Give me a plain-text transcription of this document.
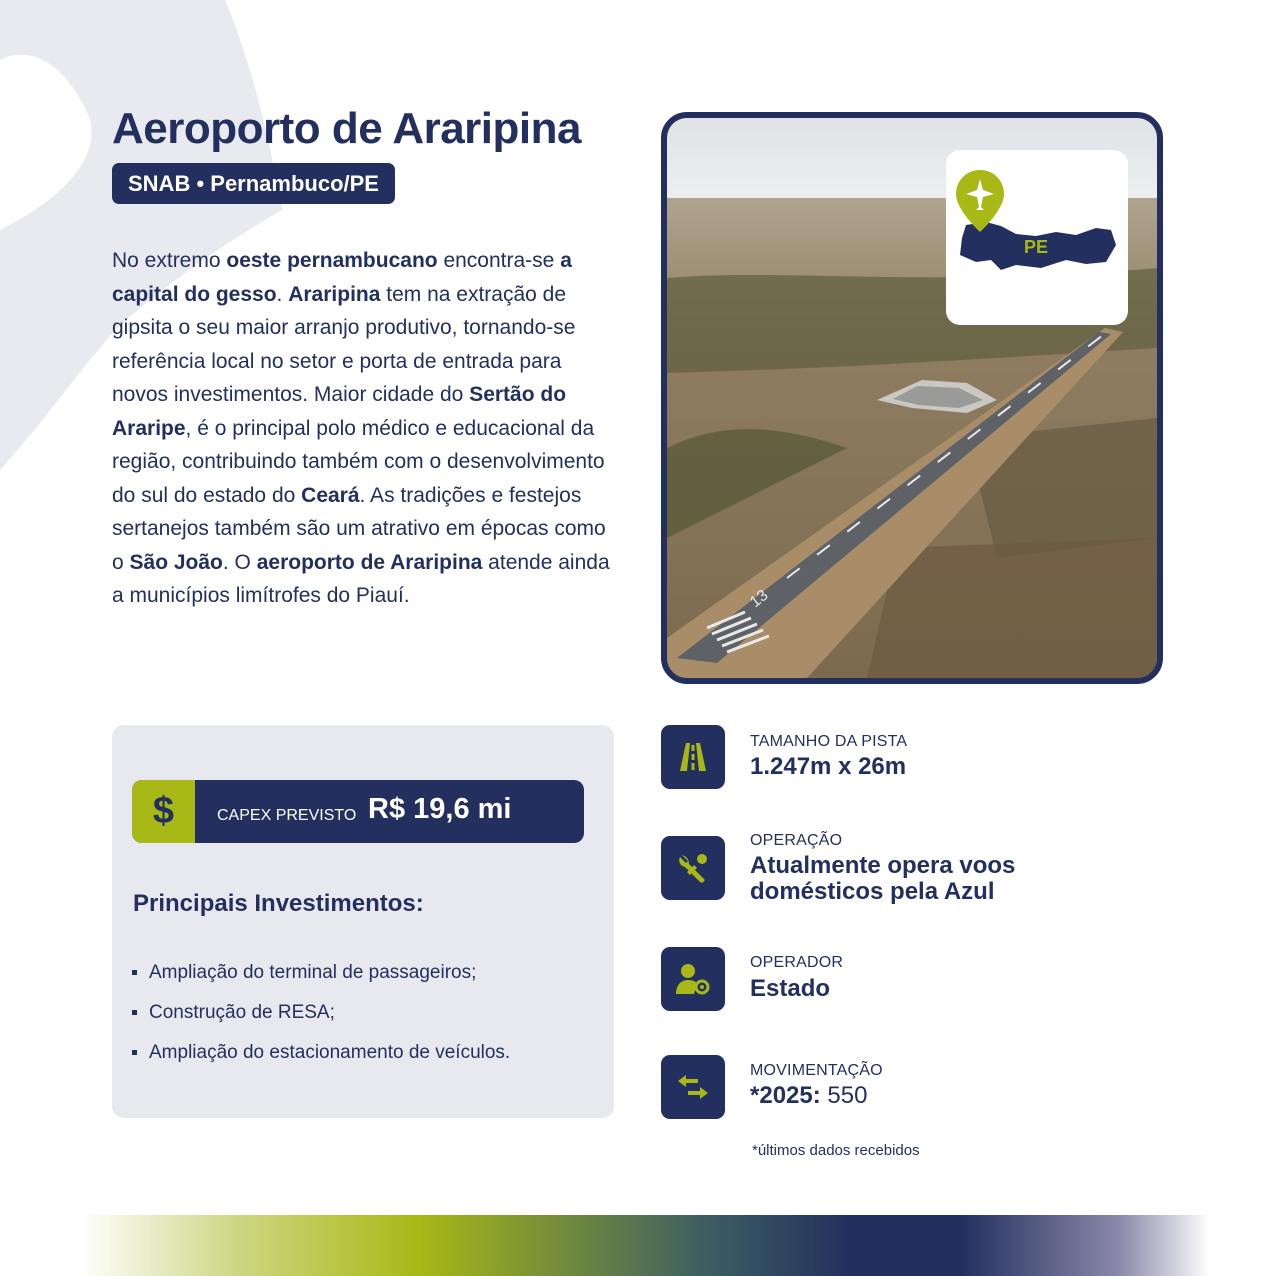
Aeroporto de Araripina
SNAB • Pernambuco/PE

No extremo oeste pernambucano encontra-se a capital do gesso. Araripina tem na extração de gipsita o seu maior arranjo produtivo, tornando-se referência local no setor e porta de entrada para novos investimentos. Maior cidade do Sertão do Araripe, é o principal polo médico e educacional da região, contribuindo também com o desenvolvimento do sul do estado do Ceará. As tradições e festejos sertanejos também são um atrativo em épocas como o São João. O aeroporto de Araripina atende ainda a municípios limítrofes do Piauí.	13
PE
$	CAPEX PREVISTO R$ 19,6 mi
Principais Investimentos:
Ampliação do terminal de passageiros;
Construção de RESA;
Ampliação do estacionamento de veículos.
TAMANHO DA PISTA
1.247m x 26m
OPERAÇÃO
Atualmente opera voos
domésticos pela Azul
OPERADOR
Estado
MOVIMENTAÇÃO
*2025: 550
*últimos dados recebidos
